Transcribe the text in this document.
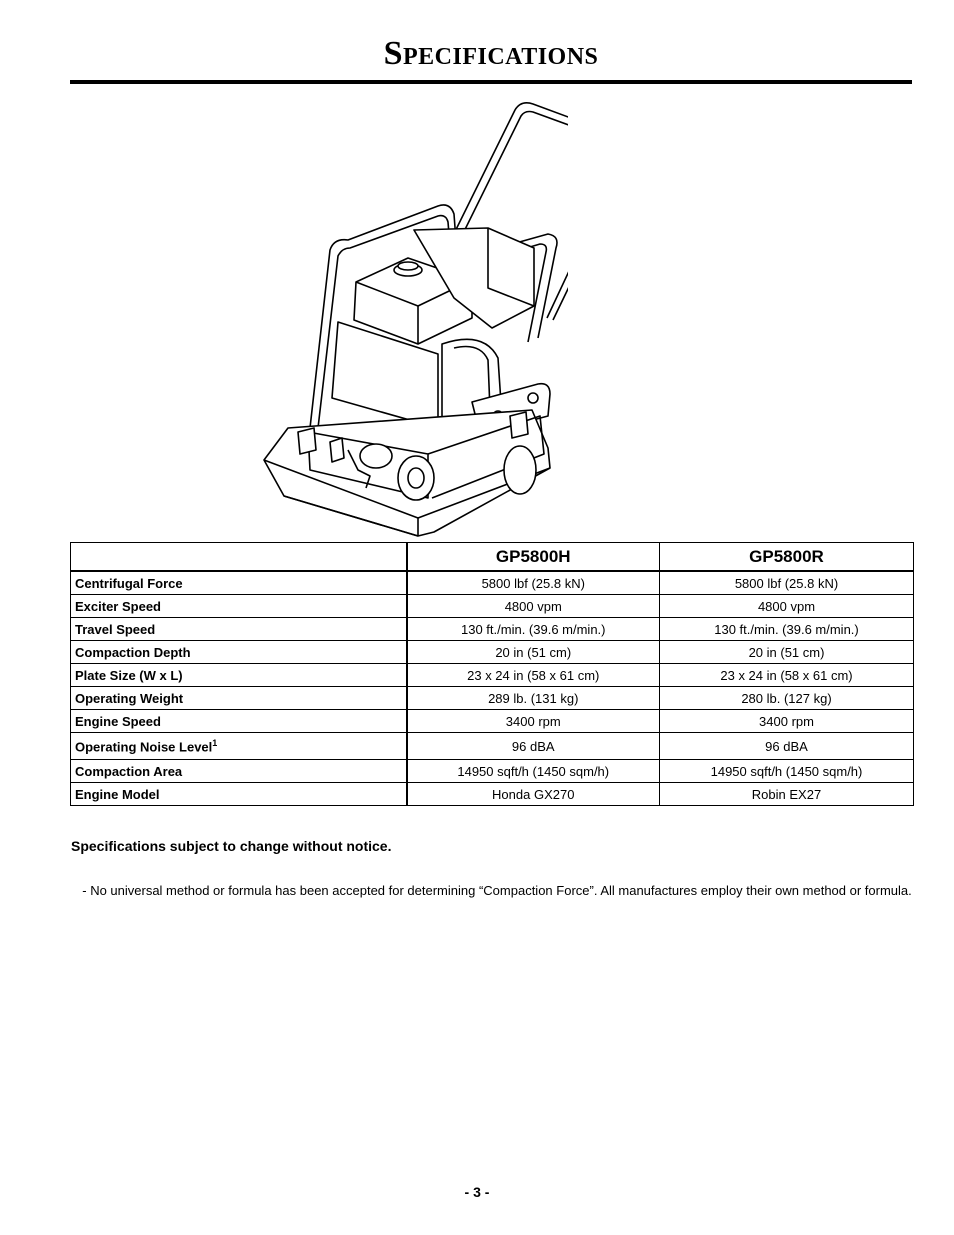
Specifications
	GP5800H	GP5800R
Centrifugal Force	5800 lbf (25.8 kN)	5800 lbf (25.8 kN)
Exciter Speed	4800 vpm	4800 vpm
Travel Speed	130 ft./min. (39.6 m/min.)	130 ft./min. (39.6 m/min.)
Compaction Depth	20 in (51 cm)	20 in (51 cm)
Plate Size (W x L)	23 x 24 in (58 x 61 cm)	23 x 24 in (58 x 61 cm)
Operating Weight	289 lb. (131 kg)	280 lb. (127 kg)
Engine Speed	3400 rpm	3400 rpm
Operating Noise Level$^1$	96 dBA	96 dBA
Compaction Area	14950 sqft/h (1450 sqm/h)	14950 sqft/h (1450 sqm/h)
Engine Model	Honda GX270	Robin EX27
Specifications subject to change without notice.
- No universal method or formula has been accepted for determining “Compaction Force”. All manufactures employ their own method or formula.
- 3 -
